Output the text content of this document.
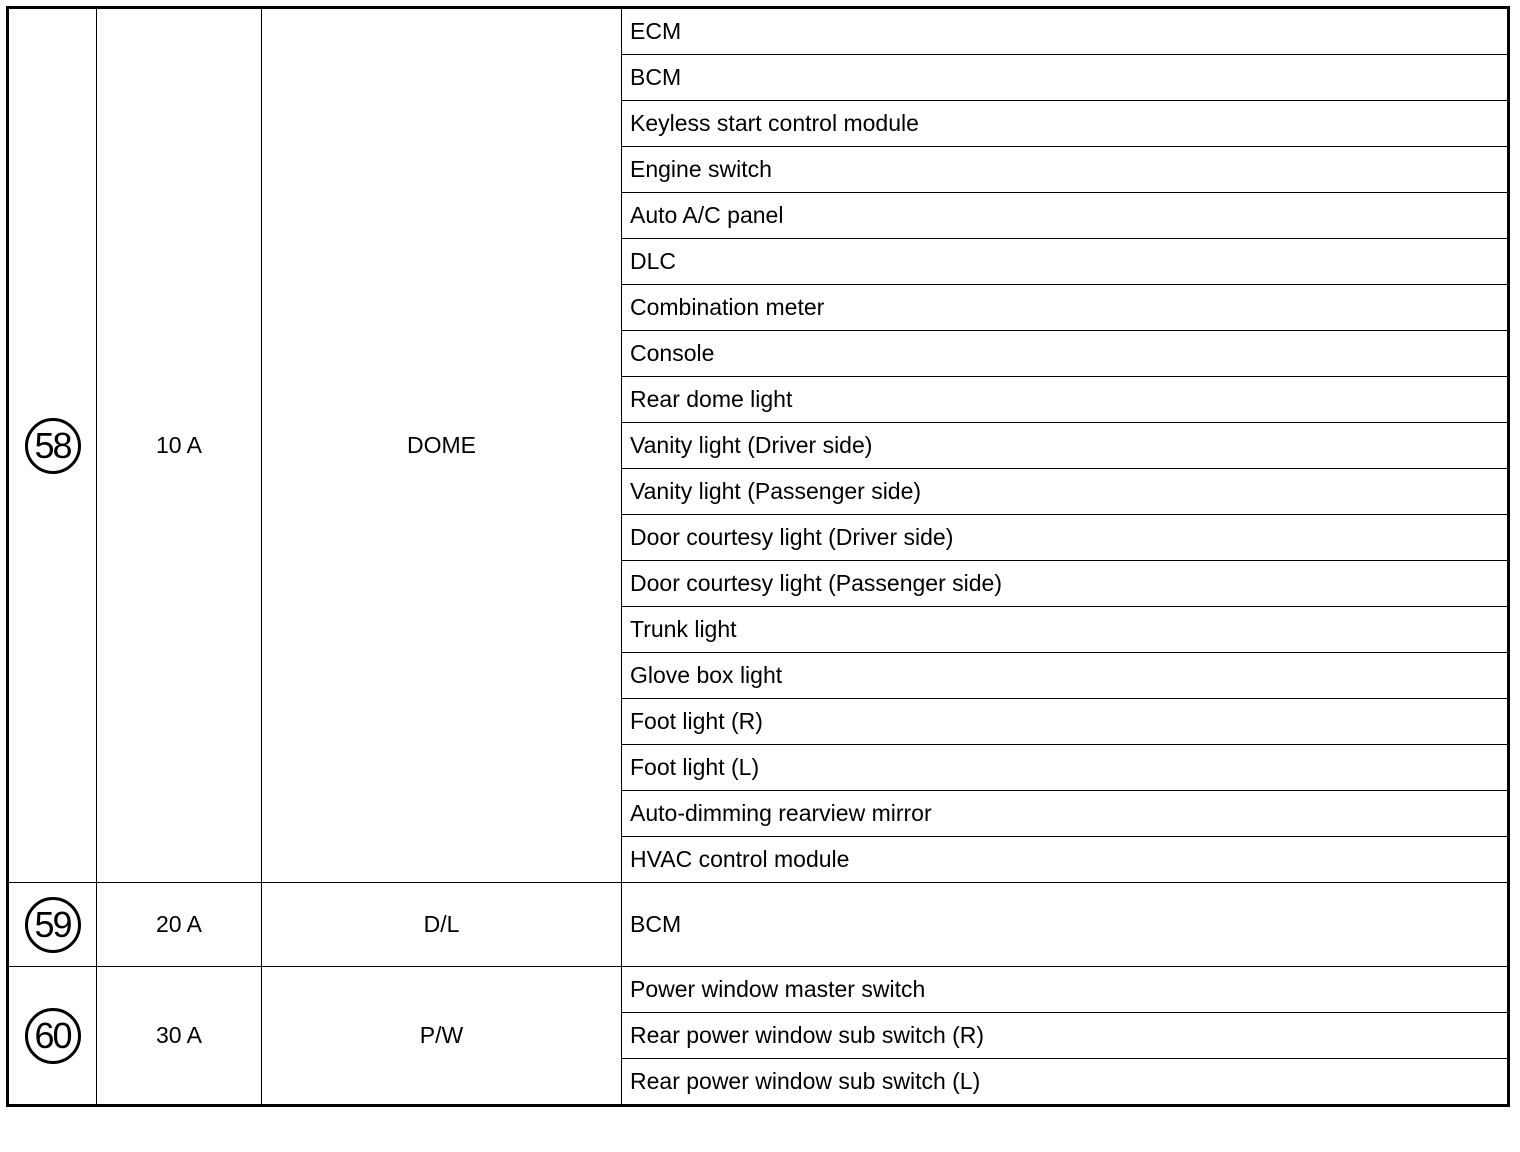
58	10 A	DOME	ECM
			BCM
			Keyless start control module
			Engine switch
			Auto A/C panel
			DLC
			Combination meter
			Console
			Rear dome light
			Vanity light (Driver side)
			Vanity light (Passenger side)
			Door courtesy light (Driver side)
			Door courtesy light (Passenger side)
			Trunk light
			Glove box light
			Foot light (R)
			Foot light (L)
			Auto-dimming rearview mirror
			HVAC control module
59	20 A	D/L	BCM
60	30 A	P/W	Power window master switch
			Rear power window sub switch (R)
			Rear power window sub switch (L)
